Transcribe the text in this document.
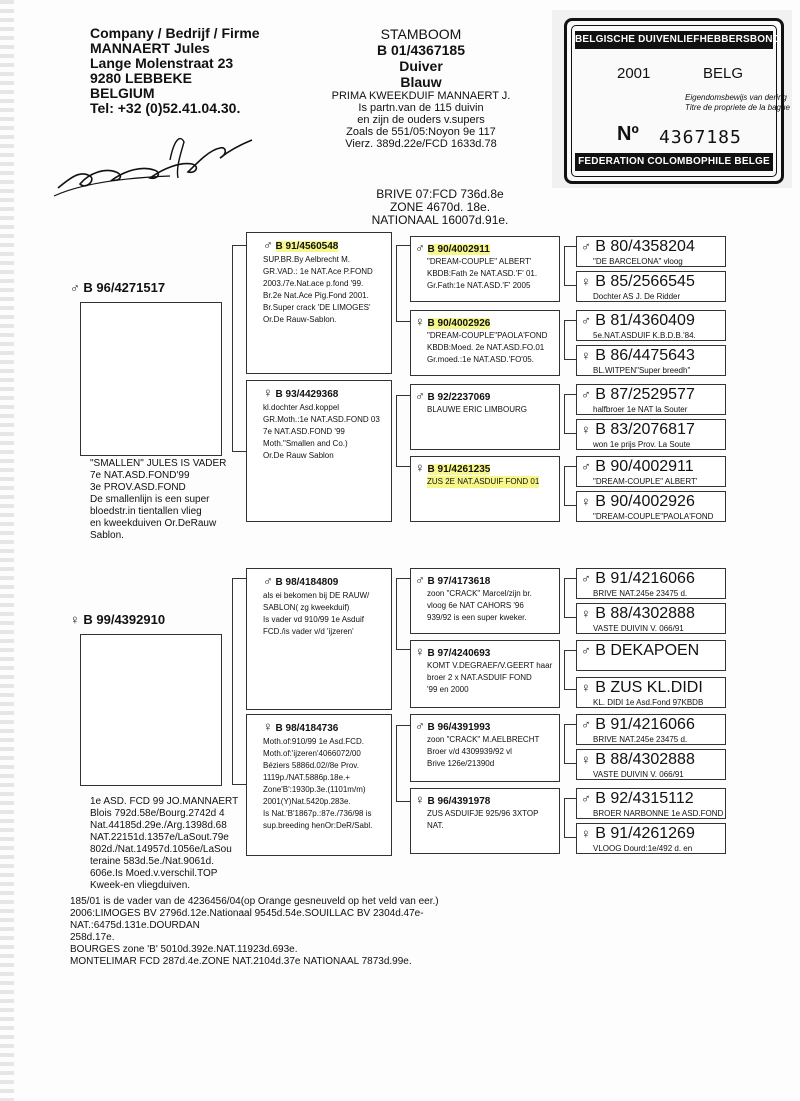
Company / Bedrijf / Firme
MANNAERT Jules
Lange Molenstraat 23
9280 LEBBEKE
BELGIUM
Tel: +32 (0)52.41.04.30.
STAMBOOM
B 01/4367185
Duiver
Blauw
PRIMA KWEEKDUIF MANNAERT J.
Is partn.van de 115 duivin
en zijn de ouders v.supers
Zoals de 551/05:Noyon 9e 117
Vierz. 389d.22e/FCD 1633d.78
BELGISCHE DUIVENLIEFHEBBERSBOND
2001	BELG
Eigendomsbewijs van dering
Titre de propriete de la bague
Nº 4367185
FEDERATION COLOMBOPHILE BELGE
BRIVE 07:FCD 736d.8e
ZONE 4670d. 18e.
NATIONAAL 16007d.91e.
♂ B 96/4271517
"SMALLEN" JULES IS VADER
7e NAT.ASD.FOND'99
3e PROV.ASD.FOND
De smallenlijn is een super
bloedstr.in tientallen vlieg
en kweekduiven Or.DeRauw
Sablon.
♀ B 99/4392910
1e ASD. FCD 99 JO.MANNAERT
Blois 792d.58e/Bourg.2742d 4
Nat.44185d.29e./Arg.1398d.68
NAT.22151d.1357e/LaSout.79e
802d./Nat.14957d.1056e/LaSou
teraine 583d.5e./Nat.9061d.
606e.Is Moed.v.verschil.TOP
Kweek-en vliegduiven.
♂ B 91/4560548
SUP.BR.By Aelbrecht M.
GR.VAD.: 1e NAT.Ace P.FOND
2003./7e.Nat.ace p.fond '99.
Br.2e Nat.Ace Pig.Fond 2001.
Br.Super crack 'DE LIMOGES'
Or.De Rauw-Sablon.
♀ B 93/4429368
kl.dochter Asd.koppel
GR.Moth.:1e NAT.ASD.FOND 03
7e NAT.ASD.FOND '99
Moth."Smallen and Co.)
Or.De Rauw Sablon
♂ B 98/4184809
als ei bekomen bij DE RAUW/
SABLON( zg kweekduif)
Is vader vd 910/99 1e Asduif
FCD./is vader v/d 'ijzeren'
♀ B 98/4184736
Moth.of:910/99 1e Asd.FCD.
Moth.of:'ijzeren'4066072/00
Béziers 5886d.02//8e Prov.
1119p./NAT.5886p.18e.+
Zone'B':1930p.3e.(1101m/m)
2001(Y)Nat.5420p.283e.
Is Nat.'B'1867p.:87e./736/98 is
sup.breeding henOr:DeR/Sabl.
♂ B 90/4002911
"DREAM-COUPLE" ALBERT'
KBDB:Fath 2e NAT.ASD.'F' 01.
Gr.Fath:1e NAT.ASD.'F' 2005
♀ B 90/4002926
"DREAM-COUPLE"PAOLA'FOND
KBDB:Moed. 2e NAT.ASD.FO.01
Gr.moed.:1e NAT.ASD.'FO'05.
♂ B 92/2237069
BLAUWE ERIC LIMBOURG
♀ B 91/4261235
ZUS 2E NAT.ASDUIF FOND 01
♂ B 97/4173618
zoon "CRACK" Marcel/zijn br.
vloog 6e NAT CAHORS '96
939/92 is een super kweker.
♀ B 97/4240693
KOMT V.DEGRAEF/V.GEERT haar
broer 2 x NAT.ASDUIF FOND
'99 en 2000
♂ B 96/4391993
zoon "CRACK" M.AELBRECHT
Broer v/d 4309939/92 vl
Brive 126e/21390d
♀ B 96/4391978
ZUS ASDUIFJE 925/96 3XTOP
NAT.
♂ B 80/4358204
"DE BARCELONA" vloog
♀ B 85/2566545
Dochter AS J. De Ridder
♂ B 81/4360409
5e.NAT.ASDUIF K.B.D.B.'84.
♀ B 86/4475643
BL.WITPEN"Super breedh"
♂ B 87/2529577
halfbroer 1e NAT la Souter
♀ B 83/2076817
won 1e prijs Prov. La Soute
♂ B 90/4002911
"DREAM-COUPLE" ALBERT'
♀ B 90/4002926
"DREAM-COUPLE"PAOLA'FOND
♂ B 91/4216066
BRIVE NAT.245e 23475 d.
♀ B 88/4302888
VASTE DUIVIN V. 066/91
♂ B DEKAPOEN
♀ B ZUS KL.DIDI
KL. DIDI 1e Asd.Fond 97KBDB
♂ B 91/4216066
BRIVE NAT.245e 23475 d.
♀ B 88/4302888
VASTE DUIVIN V. 066/91
♂ B 92/4315112
BROER NARBONNE 1e ASD.FOND
♀ B 91/4261269
VLOOG Dourd:1e/492 d. en
185/01 is de vader van de 4236456/04(op Orange gesneuveld op het veld van eer.)
2006:LIMOGES BV 2796d.12e.Nationaal 9545d.54e.SOUILLAC BV 2304d.47e-
NAT.:6475d.131e.DOURDAN
258d.17e.
BOURGES zone 'B' 5010d.392e.NAT.11923d.693e.
MONTELIMAR FCD 287d.4e.ZONE NAT.2104d.37e NATIONAAL 7873d.99e.
